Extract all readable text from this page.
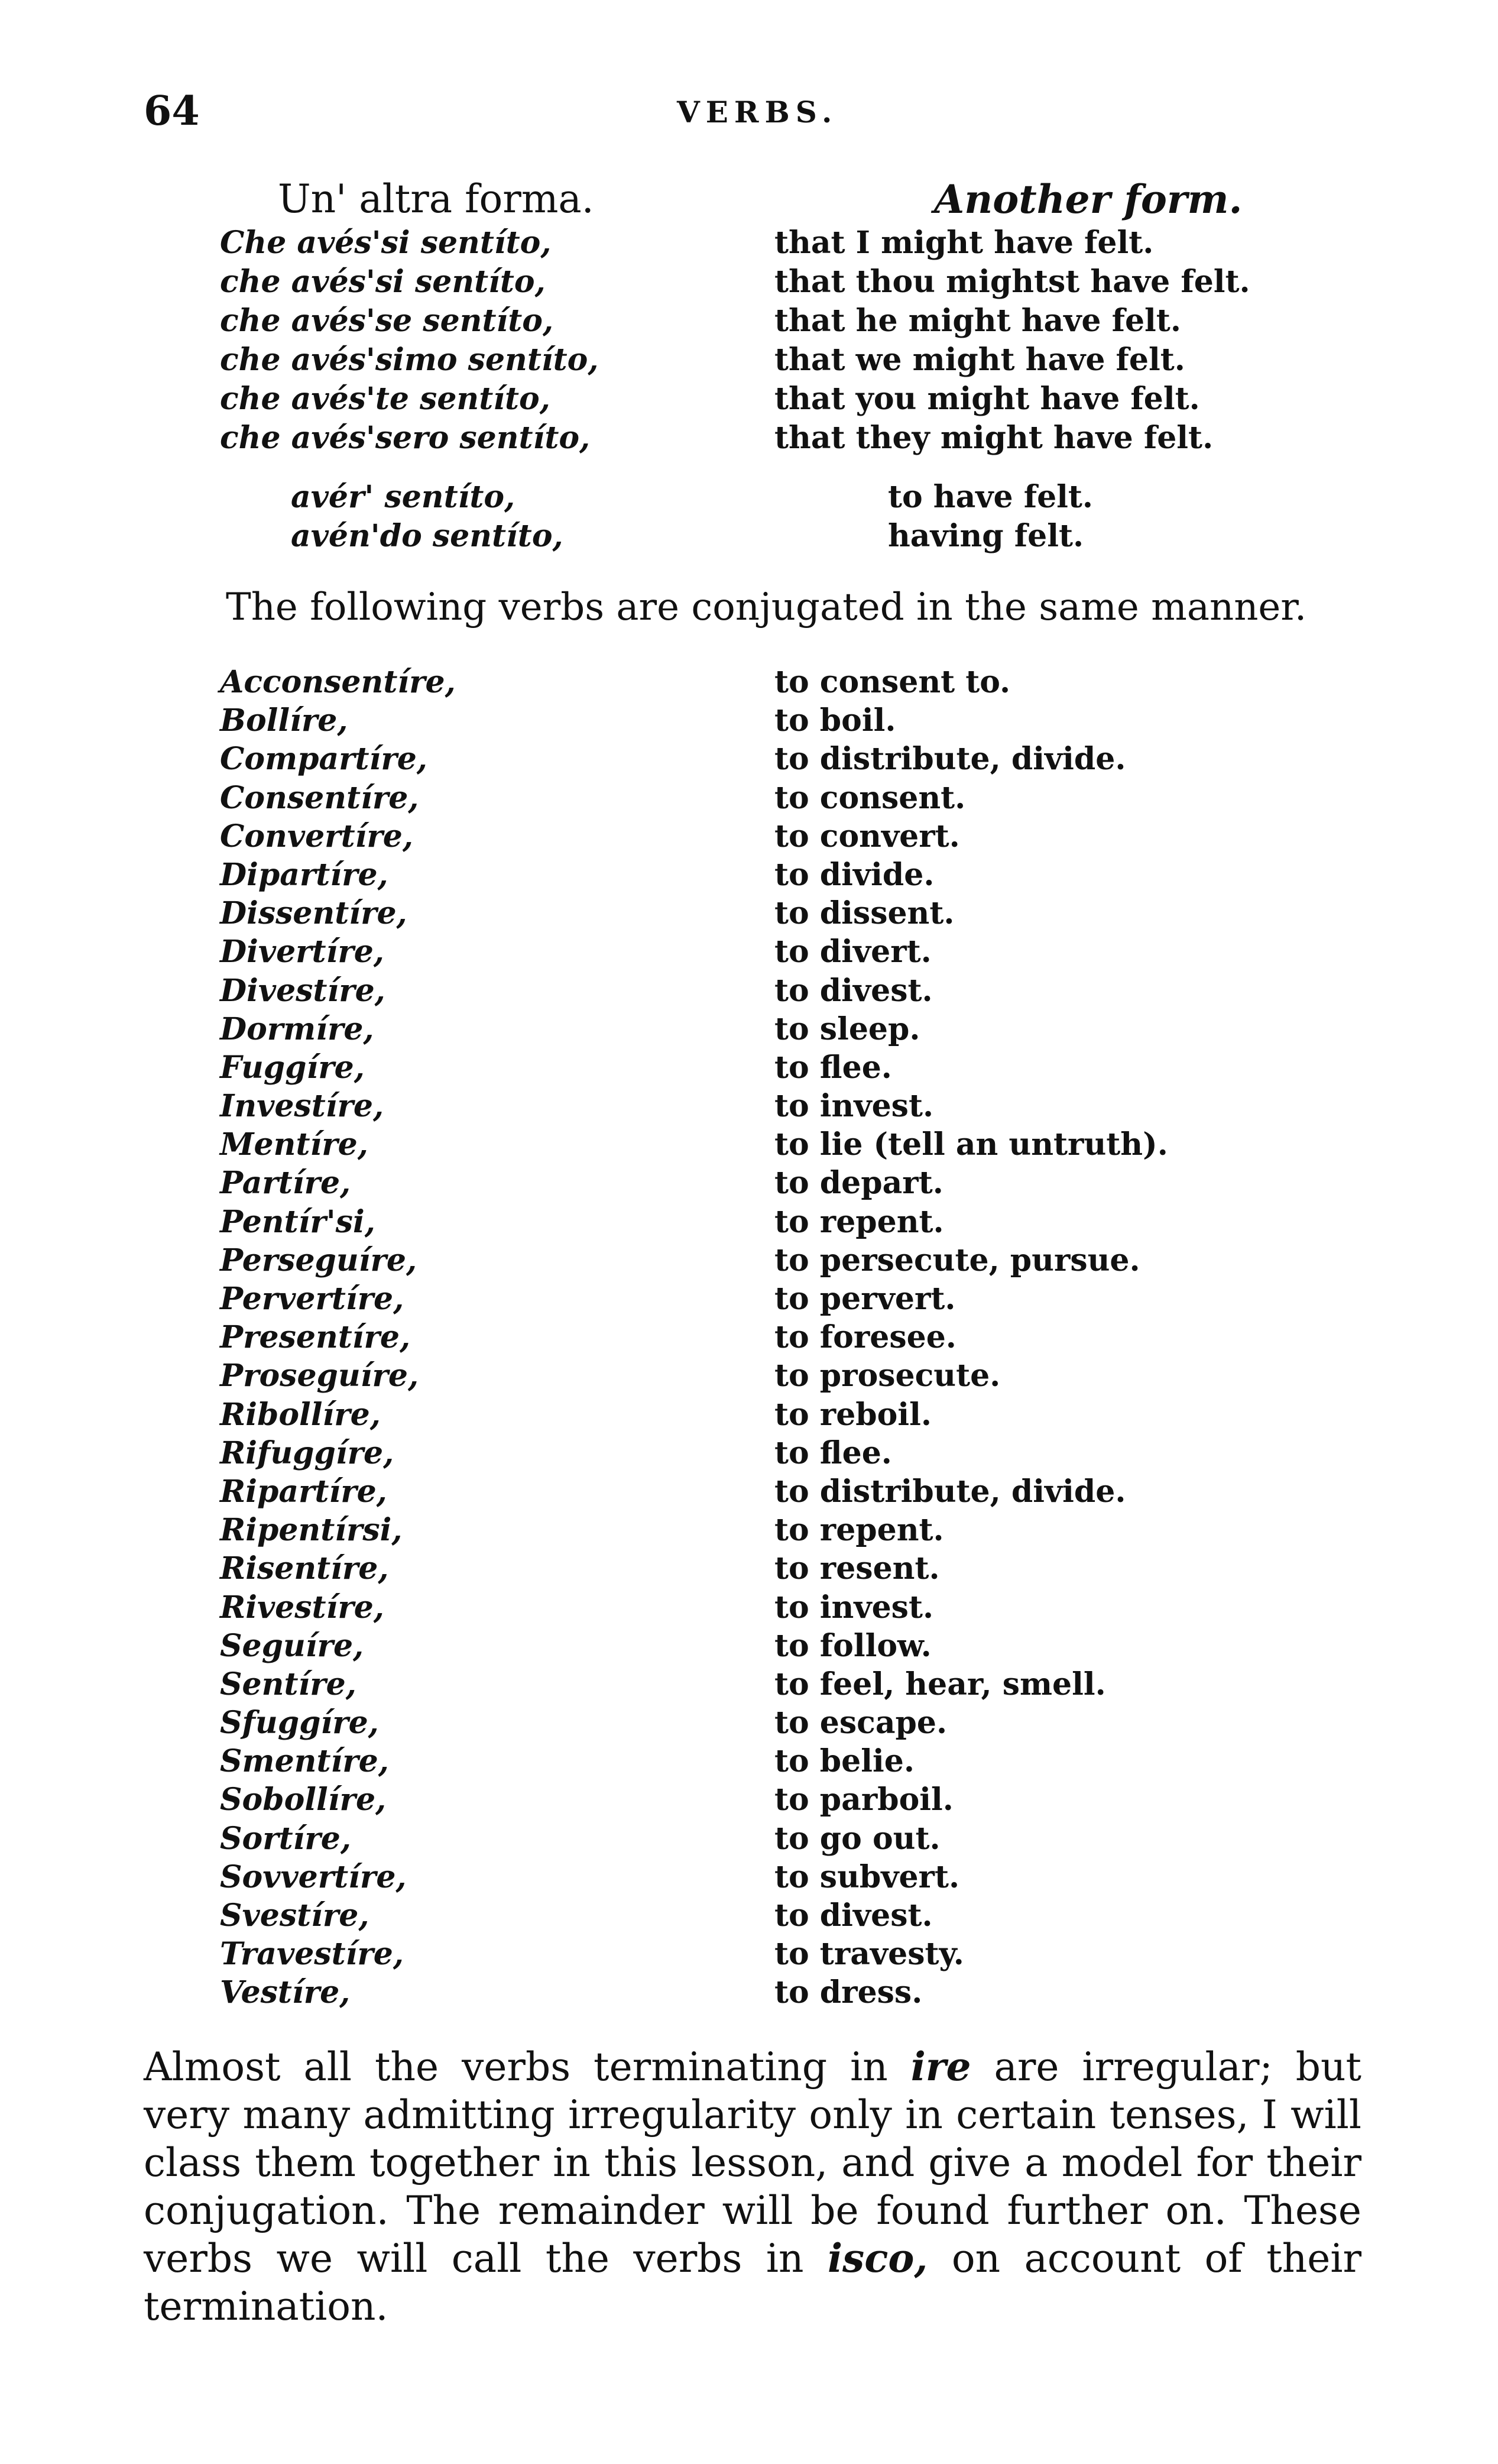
64	VERBS.
Un' altra forma.	Another form.
Che avés'si sentíto,	that I might have felt.
che avés'si sentíto,	that thou mightst have felt.
che avés'se sentíto,	that he might have felt.
che avés'simo sentíto,	that we might have felt.
che avés'te sentíto,	that you might have felt.
che avés'sero sentíto,	that they might have felt.
avér' sentíto,	to have felt.
avén'do sentíto,	having felt.
The following verbs are conjugated in the same manner.
Acconsentíre,	to consent to.
Bollíre,	to boil.
Compartíre,	to distribute, divide.
Consentíre,	to consent.
Convertíre,	to convert.
Dipartíre,	to divide.
Dissentíre,	to dissent.
Divertíre,	to divert.
Divestíre,	to divest.
Dormíre,	to sleep.
Fuggíre,	to flee.
Investíre,	to invest.
Mentíre,	to lie (tell an untruth).
Partíre,	to depart.
Pentír'si,	to repent.
Perseguíre,	to persecute, pursue.
Pervertíre,	to pervert.
Presentíre,	to foresee.
Proseguíre,	to prosecute.
Ribollíre,	to reboil.
Rifuggíre,	to flee.
Ripartíre,	to distribute, divide.
Ripentírsi,	to repent.
Risentíre,	to resent.
Rivestíre,	to invest.
Seguíre,	to follow.
Sentíre,	to feel, hear, smell.
Sfuggíre,	to escape.
Smentíre,	to belie.
Sobollíre,	to parboil.
Sortíre,	to go out.
Sovvertíre,	to subvert.
Svestíre,	to divest.
Travestíre,	to travesty.
Vestíre,	to dress.
Almost all the verbs terminating in ire are irregular; but very many admitting irregularity only in certain tenses, I will class them together in this lesson, and give a model for their conjugation. The remainder will be found further on. These verbs we will call the verbs in isco, on account of their termination.
